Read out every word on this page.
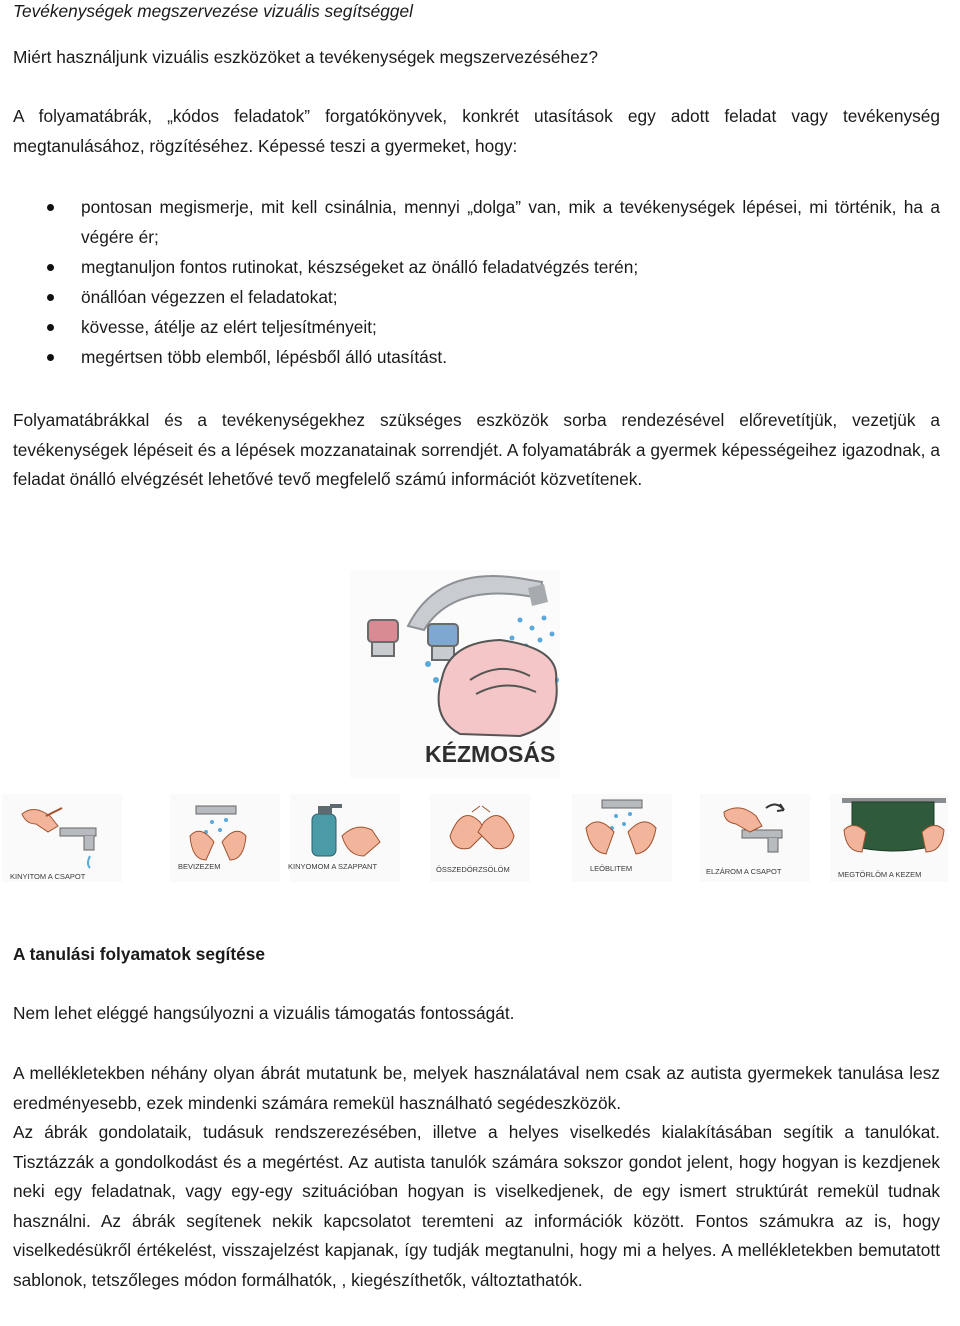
Tevékenységek megszervezése vizuális segítséggel
Miért használjunk vizuális eszközöket a tevékenységek megszervezéséhez?
A folyamatábrák, „kódos feladatok” forgatókönyvek, konkrét utasítások egy adott feladat vagy tevékenység megtanulásához, rögzítéséhez. Képessé teszi a gyermeket, hogy:
pontosan megismerje, mit kell csinálnia, mennyi „dolga” van, mik a tevékenységek lépései, mi történik, ha a végére ér;
megtanuljon fontos rutinokat, készségeket az önálló feladatvégzés terén;
önállóan végezzen el feladatokat;
kövesse, átélje az elért teljesítményeit;
megértsen több elemből, lépésből álló utasítást.
Folyamatábrákkal és a tevékenységekhez szükséges eszközök sorba rendezésével előrevetítjük, vezetjük a tevékenységek lépéseit és a lépések mozzanatainak sorrendjét. A folyamatábrák a gyermek képességeihez igazodnak, a feladat önálló elvégzését lehetővé tevő megfelelő számú információt közvetítenek.
KÉZMOSÁS
KINYITOM A CSAPOT
BEVIZEZEM	KINYOMOM A SZAPPANT	ÖSSZEDÖRZSÖLÖM	LEÖBLITEM	ELZÁROM A CSAPOT	MEGTÖRLÖM A KEZEM
A tanulási folyamatok segítése
Nem lehet eléggé hangsúlyozni a vizuális támogatás fontosságát.
A mellékletekben néhány olyan ábrát mutatunk be, melyek használatával nem csak az autista gyermekek tanulása lesz eredményesebb, ezek mindenki számára remekül használható segédeszközök.
Az ábrák gondolataik, tudásuk rendszerezésében, illetve a helyes viselkedés kialakításában segítik a tanulókat. Tisztázzák a gondolkodást és a megértést. Az autista tanulók számára sokszor gondot jelent, hogy hogyan is kezdjenek neki egy feladatnak, vagy egy-egy szituációban hogyan is viselkedjenek, de egy ismert struktúrát remekül tudnak használni. Az ábrák segítenek nekik kapcsolatot teremteni az információk között. Fontos számukra az is, hogy viselkedésükről értékelést, visszajelzést kapjanak, így tudják megtanulni, hogy mi a helyes. A mellékletekben bemutatott sablonok, tetszőleges módon formálhatók, , kiegészíthetők, változtathatók.
